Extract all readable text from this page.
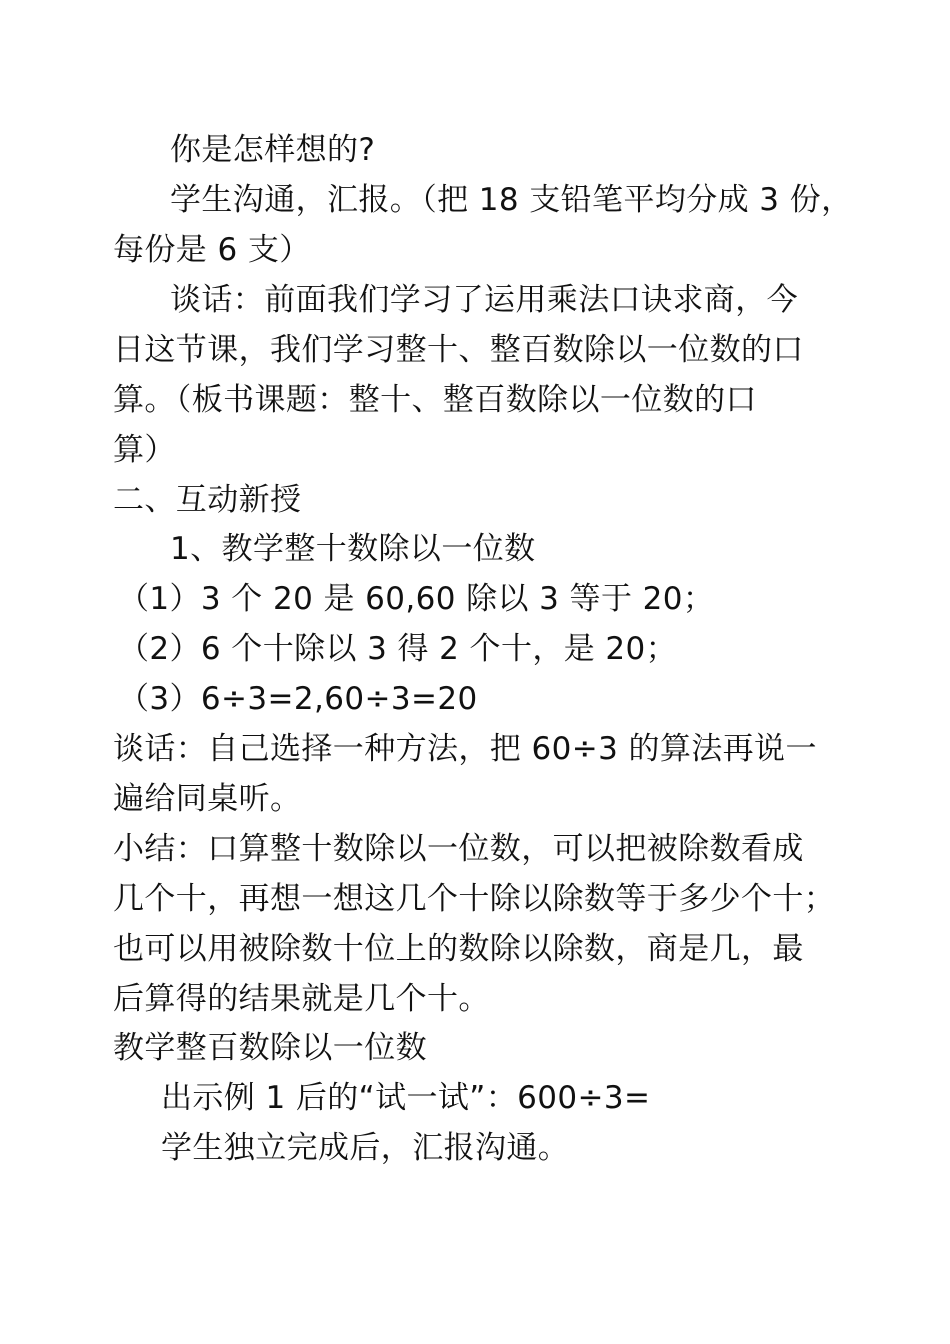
你是怎样想的?
学生沟通，汇报。（把 18 支铅笔平均分成 3 份，
每份是 6 支）
谈话：前面我们学习了运用乘法口诀求商，今
日这节课，我们学习整十、整百数除以一位数的口
算。（板书课题：整十、整百数除以一位数的口
算）
二、互动新授
1、教学整十数除以一位数
（1）3 个 20 是 60,60 除以 3 等于 20；
（2）6 个十除以 3 得 2 个十，是 20；
（3）6÷3=2,60÷3=20
谈话：自己选择一种方法，把 60÷3 的算法再说一
遍给同桌听。
小结：口算整十数除以一位数，可以把被除数看成
几个十，再想一想这几个十除以除数等于多少个十；
也可以用被除数十位上的数除以除数，商是几，最
后算得的结果就是几个十。
教学整百数除以一位数
出示例 1 后的“试一试”：600÷3=
学生独立完成后，汇报沟通。
